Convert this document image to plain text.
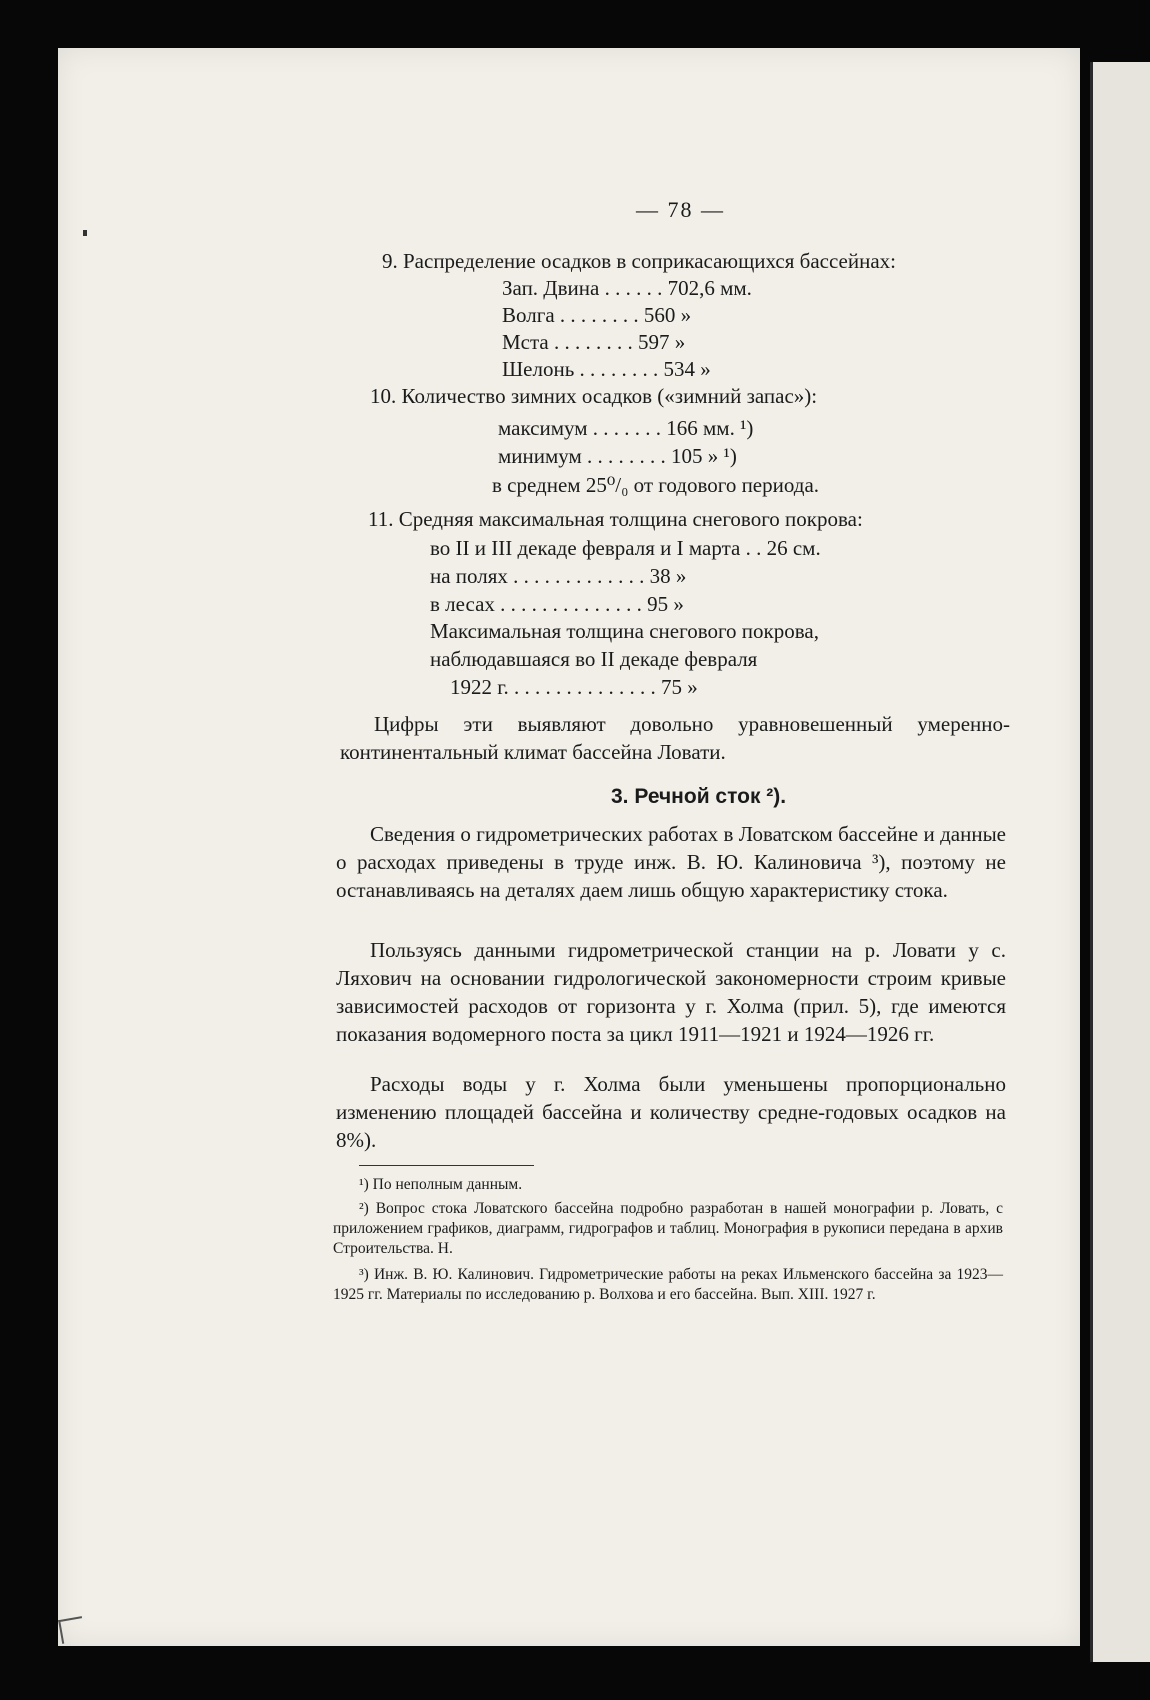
— 78 —
9. Распределение осадков в соприкасающихся бассейнах:
Зап. Двина . . . . . . 702,6 мм.
Волга . . . . . . . . 560 »
Мста . . . . . . . . 597 »
Шелонь . . . . . . . . 534 »
10. Количество зимних осадков («зимний запас»):
максимум . . . . . . . 166 мм. ¹)
минимум . . . . . . . . 105 » ¹)
в среднем 25⁰/₀ от годового периода.
11. Средняя максимальная толщина снегового покрова:
во II и III декаде февраля и I марта . . 26 см.
на полях . . . . . . . . . . . . . 38 »
в лесах . . . . . . . . . . . . . . 95 »
Максимальная толщина снегового покрова,
наблюдавшаяся во II декаде февраля
1922 г. . . . . . . . . . . . . . . 75 »

Цифры эти выявляют довольно уравновешенный умеренно-континентальный климат бассейна Ловати.

3. Речной сток ²).

Сведения о гидрометрических работах в Ловатском бассейне и данные о расходах приведены в труде инж. В. Ю. Калиновича ³), поэтому не останавливаясь на деталях даем лишь общую характеристику стока.

Пользуясь данными гидрометрической станции на р. Ловати у с. Ляхович на основании гидрологической закономерности строим кривые зависимостей расходов от горизонта у г. Холма (прил. 5), где имеются показания водомерного поста за цикл 1911—1921 и 1924—1926 гг.

Расходы воды у г. Холма были уменьшены пропорционально изменению площадей бассейна и количеству средне-годовых осадков на 8%).

¹) По неполным данным.

²) Вопрос стока Ловатского бассейна подробно разработан в нашей монографии р. Ловать, с приложением графиков, диаграмм, гидрографов и таблиц. Монография в рукописи передана в архив Строительства. Н.

³) Инж. В. Ю. Калинович. Гидрометрические работы на реках Ильменского бассейна за 1923—1925 гг. Материалы по исследованию р. Волхова и его бассейна. Вып. XIII. 1927 г.
